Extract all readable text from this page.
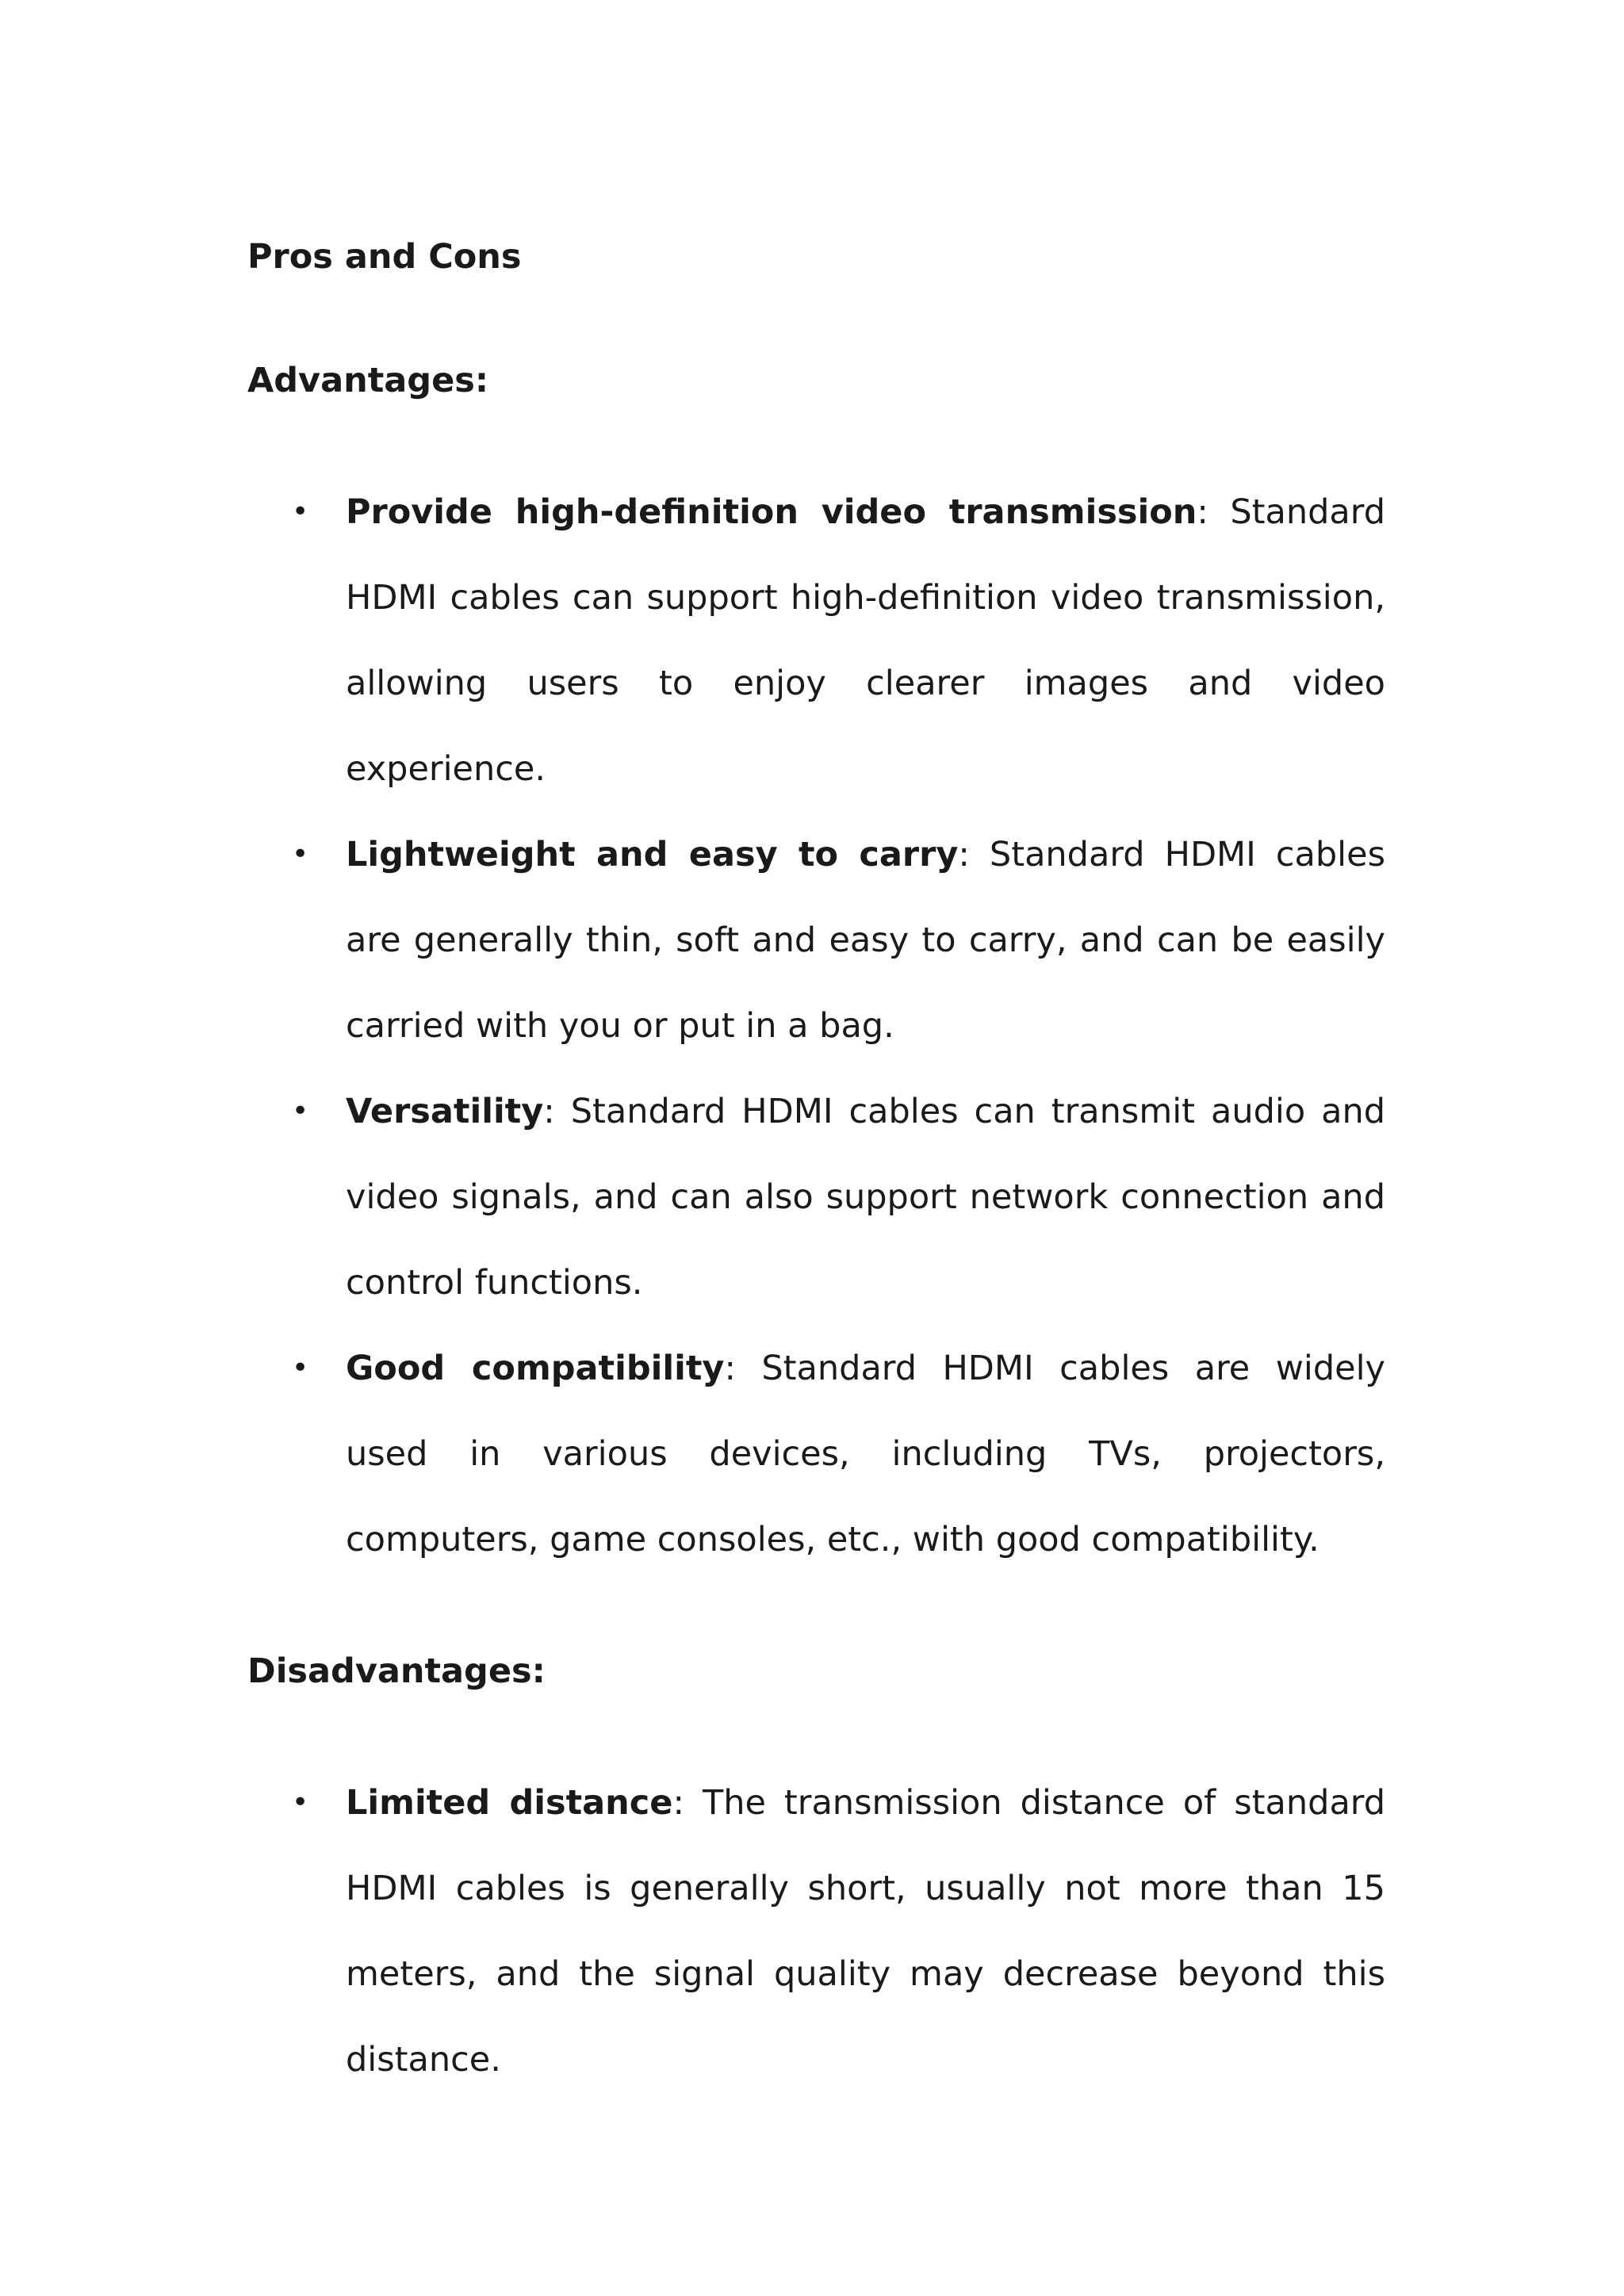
Pros and Cons

Advantages:

• Provide high-definition video transmission: Standard HDMI cables can support high-definition video transmission, allowing users to enjoy clearer images and video experience.
• Lightweight and easy to carry: Standard HDMI cables are generally thin, soft and easy to carry, and can be easily carried with you or put in a bag.
• Versatility: Standard HDMI cables can transmit audio and video signals, and can also support network connection and control functions.
• Good compatibility: Standard HDMI cables are widely used in various devices, including TVs, projectors, computers, game consoles, etc., with good compatibility.

Disadvantages:

• Limited distance: The transmission distance of standard HDMI cables is generally short, usually not more than 15 meters, and the signal quality may decrease beyond this distance.
